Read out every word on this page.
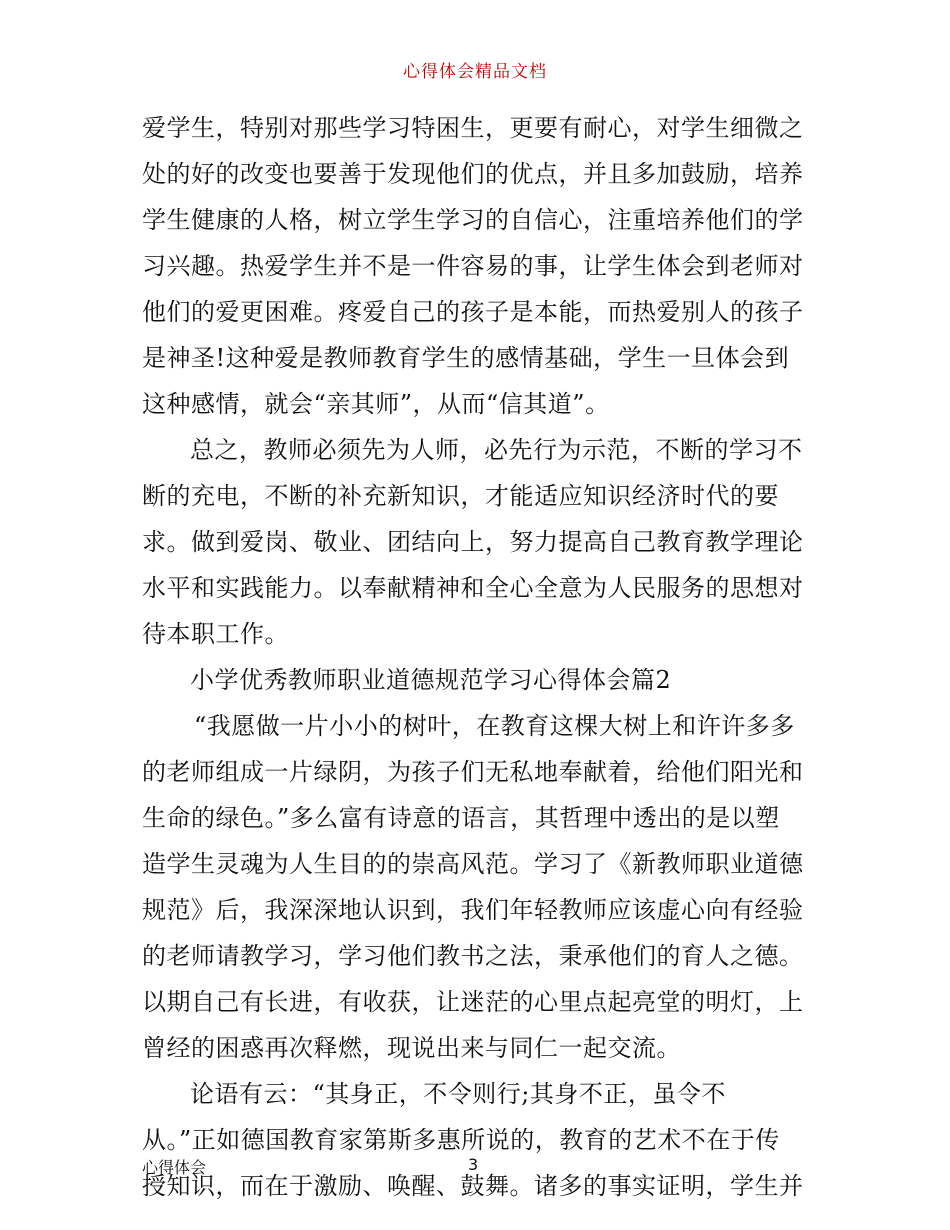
心得体会精品文档
爱学生，特别对那些学习特困生，更要有耐心，对学生细微之
处的好的改变也要善于发现他们的优点，并且多加鼓励，培养
学生健康的人格，树立学生学习的自信心，注重培养他们的学
习兴趣。热爱学生并不是一件容易的事，让学生体会到老师对
他们的爱更困难。疼爱自己的孩子是本能，而热爱别人的孩子
是神圣!这种爱是教师教育学生的感情基础，学生一旦体会到
这种感情，就会“亲其师”，从而“信其道”。
总之，教师必须先为人师，必先行为示范，不断的学习不
断的充电，不断的补充新知识，才能适应知识经济时代的要
求。做到爱岗、敬业、团结向上，努力提高自己教育教学理论
水平和实践能力。以奉献精神和全心全意为人民服务的思想对
待本职工作。
小学优秀教师职业道德规范学习心得体会篇2
“我愿做一片小小的树叶，在教育这棵大树上和许许多多
的老师组成一片绿阴，为孩子们无私地奉献着，给他们阳光和
生命的绿色。”多么富有诗意的语言，其哲理中透出的是以塑
造学生灵魂为人生目的的崇高风范。学习了《新教师职业道德
规范》后，我深深地认识到，我们年轻教师应该虚心向有经验
的老师请教学习，学习他们教书之法，秉承他们的育人之德。
以期自己有长进，有收获，让迷茫的心里点起亮堂的明灯，上
曾经的困惑再次释燃，现说出来与同仁一起交流。
论语有云：“其身正，不令则行;其身不正，虽令不
从。”正如德国教育家第斯多惠所说的，教育的艺术不在于传
授知识，而在于激励、唤醒、鼓舞。诸多的事实证明，学生并
心得体会	3
